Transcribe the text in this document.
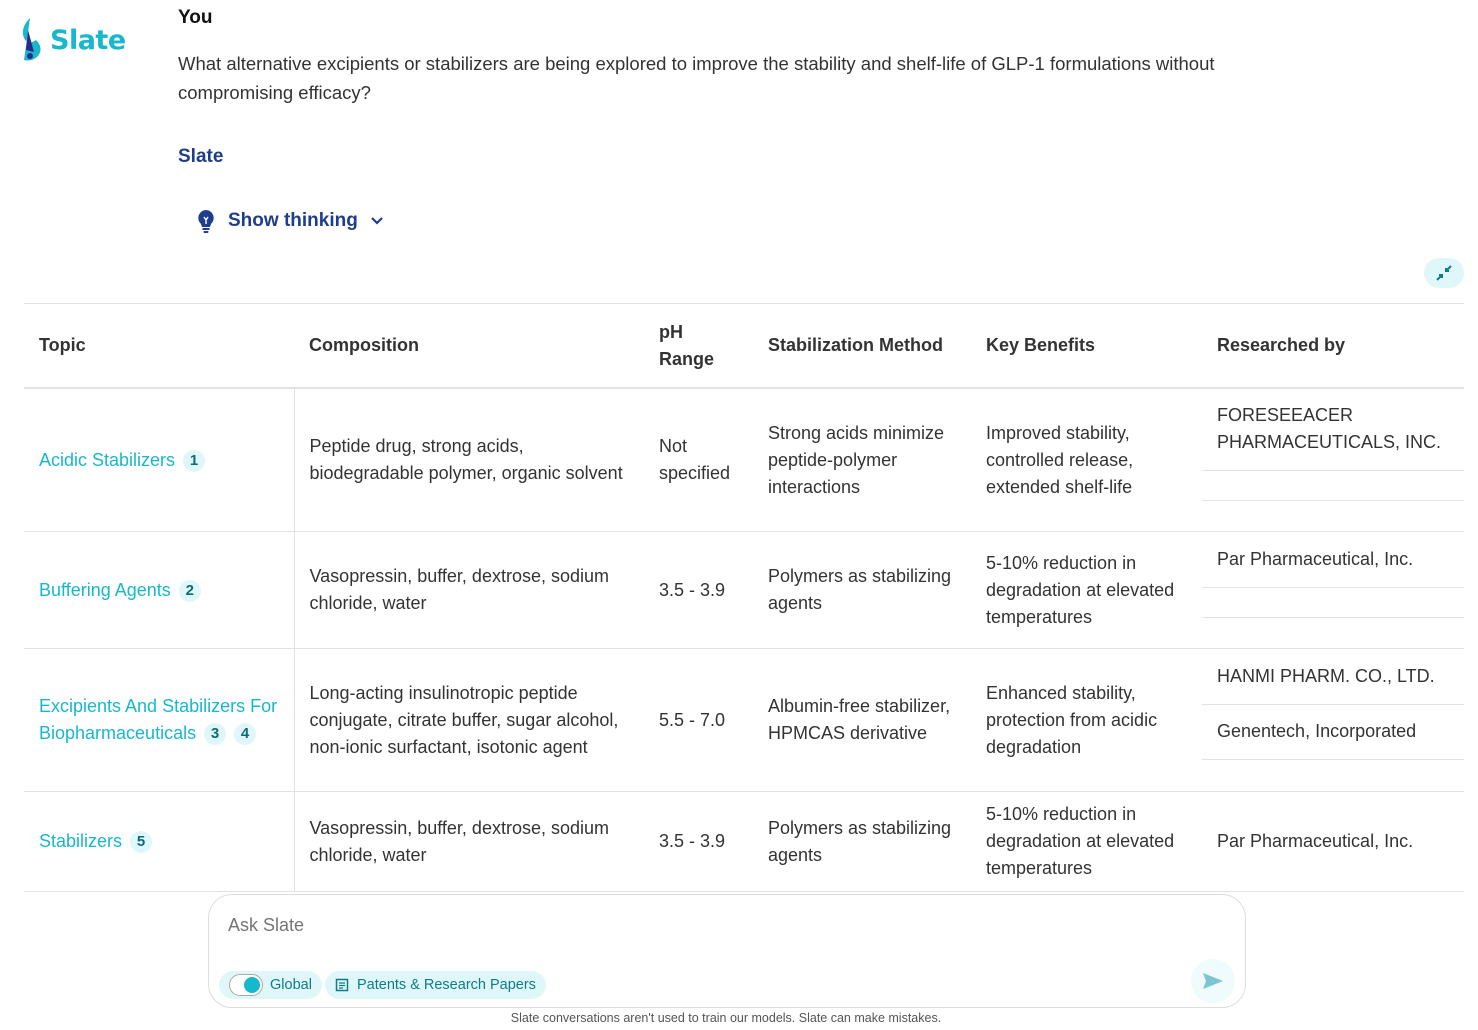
Slate
You
What alternative excipients or stabilizers are being explored to improve the stability and shelf-life of GLP-1 formulations without compromising efficacy?
Slate
Show thinking
Topic	Composition	pH Range	Stabilization Method	Key Benefits	Researched by
Acidic Stabilizers 1	Peptide drug, strong acids, biodegradable polymer, organic solvent	Not specified	Strong acids minimize peptide-polymer interactions	Improved stability, controlled release, extended shelf-life	FORESEEACER PHARMACEUTICALS, INC.

Buffering Agents 2	Vasopressin, buffer, dextrose, sodium chloride, water	3.5 - 3.9	Polymers as stabilizing agents	5-10% reduction in degradation at elevated temperatures	Par Pharmaceutical, Inc.

Excipients And Stabilizers For Biopharmaceuticals 3 4	Long-acting insulinotropic peptide conjugate, citrate buffer, sugar alcohol, non-ionic surfactant, isotonic agent	5.5 - 7.0	Albumin-free stabilizer, HPMCAS derivative	Enhanced stability, protection from acidic degradation	HANMI PHARM. CO., LTD.
Genentech, Incorporated

Stabilizers 5	Vasopressin, buffer, dextrose, sodium chloride, water	3.5 - 3.9	Polymers as stabilizing agents	5-10% reduction in degradation at elevated temperatures	Par Pharmaceutical, Inc.
Ask Slate
Global	Patents & Research Papers
Slate conversations aren't used to train our models. Slate can make mistakes.
